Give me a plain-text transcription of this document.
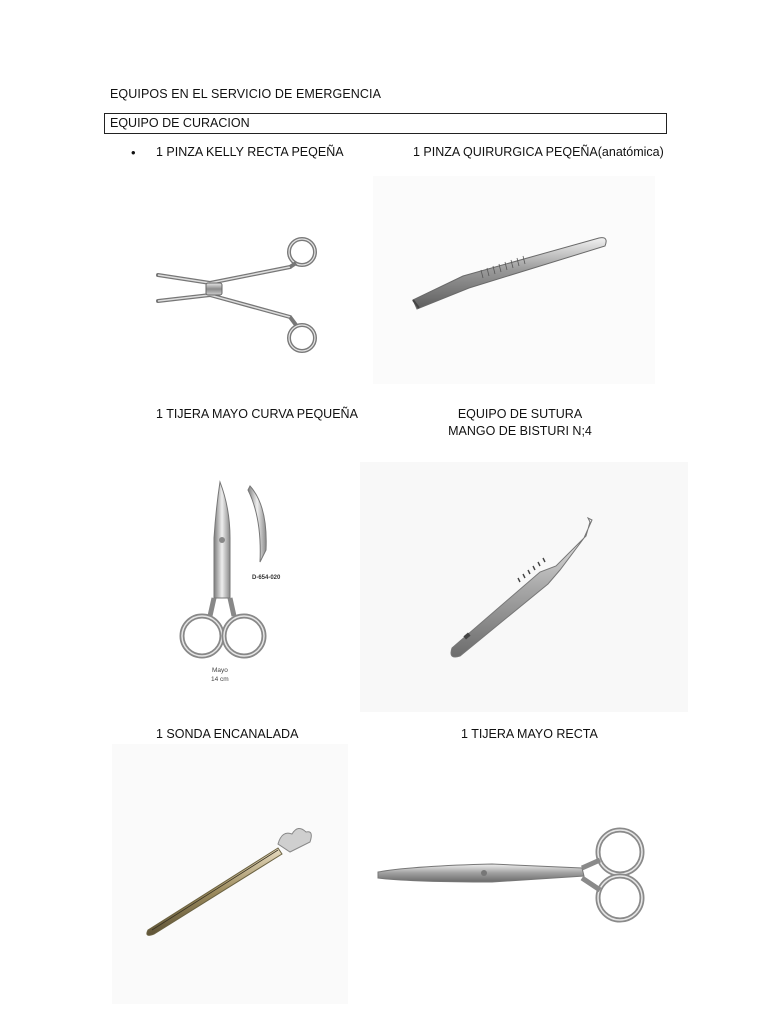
EQUIPOS EN EL SERVICIO DE EMERGENCIA
EQUIPO DE CURACION
• 1 PINZA KELLY RECTA PEQEÑA	1 PINZA QUIRURGICA PEQEÑA(anatómica)
1 TIJERA MAYO CURVA PEQUEÑA	EQUIPO DE SUTURA
MANGO DE BISTURI N;4
D-654-020
Mayo
14 cm
1 SONDA ENCANALADA	1 TIJERA MAYO RECTA
